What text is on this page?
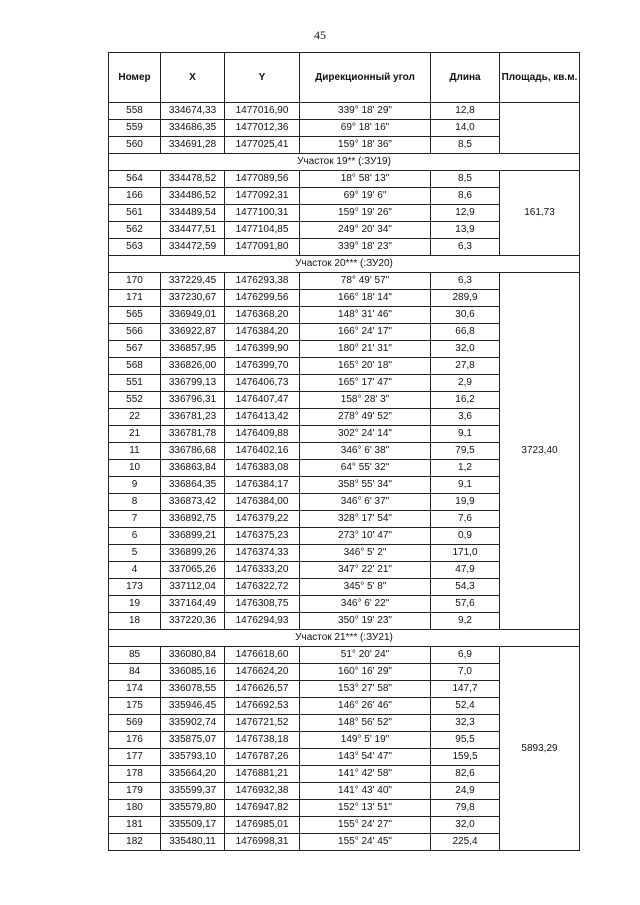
45
Номер	X	Y	Дирекционный угол	Длина	Площадь, кв.м.
558	334674,33	1477016,90	339° 18' 29"	12,8	
559	334686,35	1477012,36	69° 18' 16"	14,0	
560	334691,28	1477025,41	159° 18' 36"	8,5	
Участок 19** (:ЗУ19)					
564	334478,52	1477089,56	18° 58' 13"	8,5	161,73
166	334486,52	1477092,31	69° 19' 6"	8,6	
561	334489,54	1477100,31	159° 19' 26"	12,9	
562	334477,51	1477104,85	249° 20' 34"	13,9	
563	334472,59	1477091,80	339° 18' 23"	6,3	
Участок 20*** (:ЗУ20)					
170	337229,45	1476293,38	78° 49' 57"	6,3	3723,40
171	337230,67	1476299,56	166° 18' 14"	289,9	
565	336949,01	1476368,20	148° 31' 46"	30,6	
566	336922,87	1476384,20	166° 24' 17"	66,8	
567	336857,95	1476399,90	180° 21' 31"	32,0	
568	336826,00	1476399,70	165° 20' 18"	27,8	
551	336799,13	1476406,73	165° 17' 47"	2,9	
552	336796,31	1476407,47	158° 28' 3"	16,2	
22	336781,23	1476413,42	278° 49' 52"	3,6	
21	336781,78	1476409,88	302° 24' 14"	9,1	
11	336786,68	1476402,16	346° 6' 38"	79,5	
10	336863,84	1476383,08	64° 55' 32"	1,2	
9	336864,35	1476384,17	358° 55' 34"	9,1	
8	336873,42	1476384,00	346° 6' 37"	19,9	
7	336892,75	1476379,22	328° 17' 54"	7,6	
6	336899,21	1476375,23	273° 10' 47"	0,9	
5	336899,26	1476374,33	346° 5' 2"	171,0	
4	337065,26	1476333,20	347° 22' 21"	47,9	
173	337112,04	1476322,72	345° 5' 8"	54,3	
19	337164,49	1476308,75	346° 6' 22"	57,6	
18	337220,36	1476294,93	350° 19' 23"	9,2	
Участок 21*** (:ЗУ21)					
85	336080,84	1476618,60	51° 20' 24"	6,9	5893,29
84	336085,16	1476624,20	160° 16' 29"	7,0	
174	336078,55	1476626,57	153° 27' 58"	147,7	
175	335946,45	1476692,53	146° 26' 46"	52,4	
569	335902,74	1476721,52	148° 56' 52"	32,3	
176	335875,07	1476738,18	149° 5' 19"	95,5	
177	335793,10	1476787,26	143° 54' 47"	159,5	
178	335664,20	1476881,21	141° 42' 58"	82,6	
179	335599,37	1476932,38	141° 43' 40"	24,9	
180	335579,80	1476947,82	152° 13' 51"	79,8	
181	335509,17	1476985,01	155° 24' 27"	32,0	
182	335480,11	1476998,31	155° 24' 45"	225,4	
